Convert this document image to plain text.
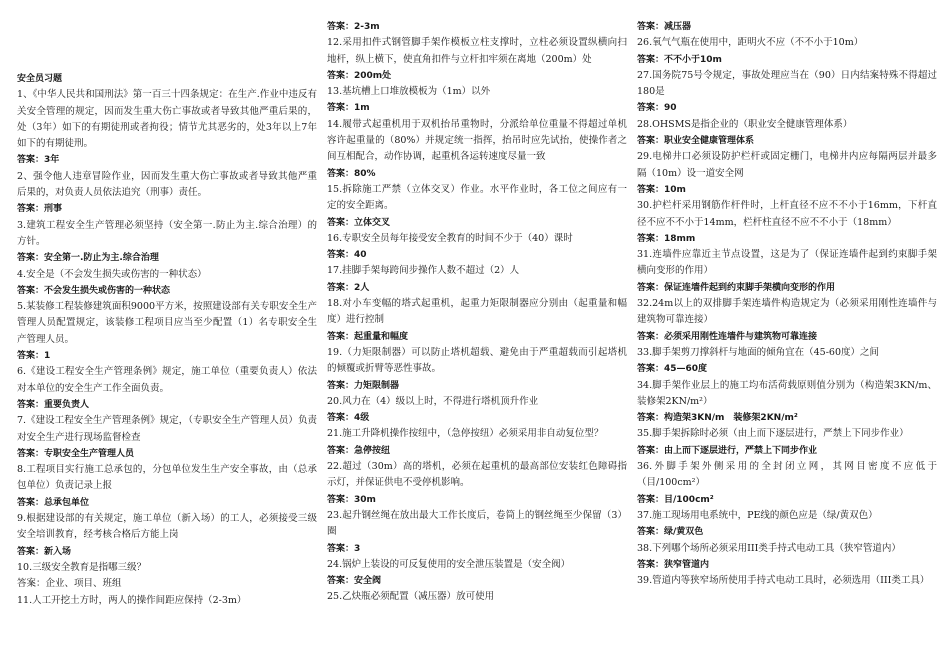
安全员习题

1、《中华人民共和国刑法》第一百三十四条规定：在生产.作业中违反有关安全管理的规定，因而发生重大伤亡事故或者导致其他严重后果的，处（3年）如下的有期徒刑或者拘役；情节尤其恶劣的，处3年以上7年如下的有期徒刑。

答案：3年

2、强令他人违章冒险作业，因而发生重大伤亡事故或者导致其他严重后果的，对负责人员依法追究（刑事）责任。

答案：刑事

3.建筑工程安全生产管理必须坚持（安全第一.防止为主.综合治理）的方针。

答案：安全第一.防止为主.综合治理

4.安全是（不会发生损失或伤害的一种状态）

答案：不会发生损失或伤害的一种状态

5.某装修工程装修建筑面积9000平方米，按照建设部有关专职安全生产管理人员配置规定，该装修工程项目应当至少配置（1）名专职安全生产管理人员。

答案：1

6.《建设工程安全生产管理条例》规定，施工单位（重要负责人）依法对本单位的安全生产工作全面负责。

答案：重要负责人

7.《建设工程安全生产管理条例》规定，（专职安全生产管理人员）负责对安全生产进行现场监督检查

答案：专职安全生产管理人员

8.工程项目实行施工总承包的，分包单位发生生产安全事故，由（总承包单位）负责记录上报

答案：总承包单位

9.根据建设部的有关规定，施工单位（新入场）的工人，必须接受三级安全培训教育，经考核合格后方能上岗

答案：新入场

10.三级安全教育是指哪三级？

答案：企业、项目、班组

11.人工开挖土方时，两人的操作间距应保持（2-3m）

答案：2-3m

12.采用扣件式钢管脚手架作模板立柱支撑时，立柱必须设置纵横向扫地杆，纵上横下，使直角扣件与立杆扣牢须在离地（200m）处

答案：200m处

13.基坑槽上口堆放模板为（1m）以外

答案：1m

14.履带式起重机用于双机抬吊重物时，分派给单位重量不得超过单机容许起重量的（80%）并规定统一指挥，抬吊时应先试抬，使操作者之间互相配合，动作协调，起重机各运转速度尽量一致

答案：80%

15.拆除施工严禁（立体交叉）作业。水平作业时，各工位之间应有一定的安全距离。

答案：立体交叉

16.专职安全员每年接受安全教育的时间不少于（40）课时

答案：40

17.挂脚手架每跨间步操作人数不超过（2）人

答案：2人

18.对小车变幅的塔式起重机，起重力矩限制器应分别由（起重量和幅度）进行控制

答案：起重量和幅度

19.（力矩限制器）可以防止塔机超载、避免由于严重超载而引起塔机的倾覆或折臂等恶性事故。

答案：力矩限制器

20.风力在（4）级以上时，不得进行塔机顶升作业

答案：4级

21.施工升降机操作按纽中，（急停按纽）必须采用非自动复位型？

答案：急停按纽

22.超过（30m）高的塔机，必须在起重机的最高部位安装红色障碍指示灯，并保证供电不受停机影响。

答案：30m

23.起升钢丝绳在放出最大工作长度后，卷筒上的钢丝绳至少保留（3）圈

答案：3

24.锅炉上装设的可反复使用的安全泄压装置是（安全阀）

答案：安全阀

25.乙炔瓶必须配置（减压器）放可使用

答案：减压器

26.氧气气瓶在使用中，距明火不应（不不小于10m）

答案：不不小于10m

27.国务院75号令规定，事故处理应当在（90）日内结案特殊不得超过180是

答案：90

28.OHSMS是指企业的（职业安全健康管理体系）

答案：职业安全健康管理体系

29.电梯井口必须设防护栏杆或固定栅门，电梯井内应每隔两层并最多隔（10m）设一道安全网

答案：10m

30.护栏杆采用钢筋作杆件时，上杆直径不应不不小于16mm，下杆直径不应不不小于14mm，栏杆柱直径不应不不小于（18mm）

答案：18mm

31.连墙件应靠近主节点设置，这是为了（保证连墙件起到约束脚手架横向变形的作用）

答案：保证连墙件起到约束脚手架横向变形的作用

32.24m以上的双排脚手架连墙件构造规定为（必须采用刚性连墙件与建筑物可靠连接）

答案：必须采用刚性连墙件与建筑物可靠连接

33.脚手架剪刀撑斜杆与地面的倾角宜在（45-60度）之间

答案：45—60度

34.脚手架作业层上的施工均布活荷载原则值分别为（构造架3KN/m、装修架2KN/m²）

答案：构造架3KN/m　装修架2KN/m²

35.脚手架拆除时必须（由上而下逐层进行，严禁上下同步作业）

答案：由上而下逐层进行，严禁上下同步作业

36.外脚手架外侧采用的全封闭立网，其网目密度不应低于（目/100cm²）

答案：目/100cm²

37.施工现场用电系统中，PE线的颜色应是（绿/黄双色）

答案：绿/黄双色

38.下列哪个场所必须采用III类手持式电动工具（狭窄管道内）

答案：狭窄管道内

39.管道内等狭窄场所使用手持式电动工具时，必须选用（III类工具）
